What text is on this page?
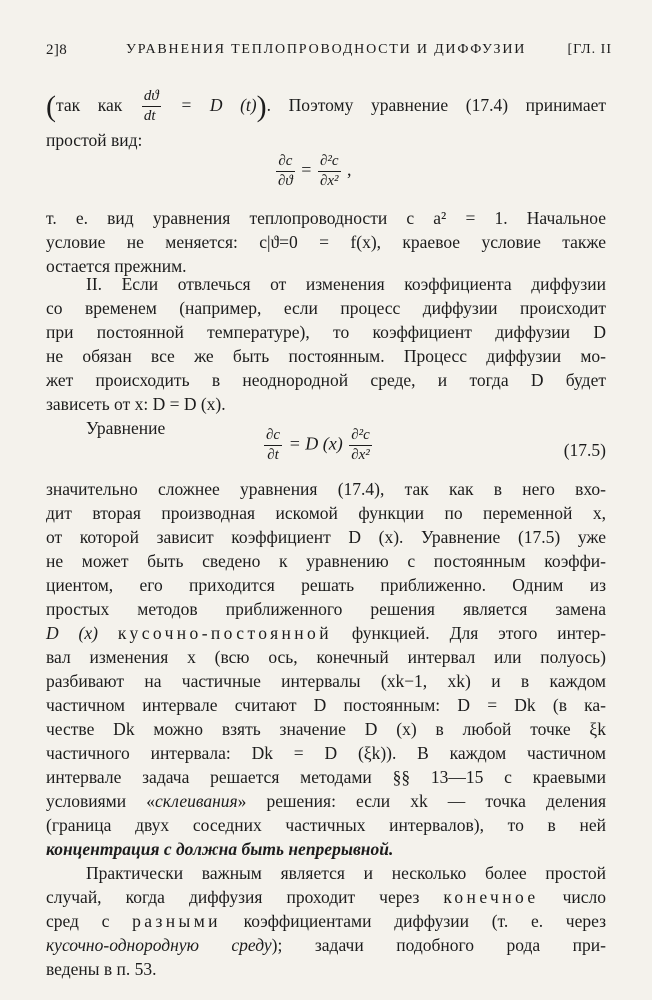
2]8	УРАВНЕНИЯ ТЕПЛОПРОВОДНОСТИ И ДИФФУЗИИ	[ГЛ. II
(так как $\frac{dϑ}{dt} = D$ (t)). Поэтому уравнение (17.4) принимает
простой вид:
$\frac{\partial c}{\partial ϑ} = \frac{\text{∂²c}}{\text{∂x²}}$ ,
т. е. вид уравнения теплопроводности с a² = 1. Начальное
условие не меняется: c|ϑ=0 = f(x), краевое условие также
остается прежним.
II. Если отвлечься от изменения коэффициента диффузии
со временем (например, если процесс диффузии происходит
при постоянной температуре), то коэффициент диффузии D
не обязан все же быть постоянным. Процесс диффузии мо-
жет происходить в неоднородной среде, и тогда D будет
зависеть от x: D = D (x).
Уравнение	$\frac{\partial c}{\partial t} = D$ $(x) \frac{\text{∂²c}}{\text{∂x²}}$	(17.5)
значительно сложнее уравнения (17.4), так как в него вхо-
дит вторая производная искомой функции по переменной x,
от которой зависит коэффициент D (x). Уравнение (17.5) уже
не может быть сведено к уравнению с постоянным коэффи-
циентом, его приходится решать приближенно. Одним из
простых методов приближенного решения является замена
D (x) кусочно-постоянной функцией. Для этого интер-
вал изменения x (всю ось, конечный интервал или полуось)
разбивают на частичные интервалы (xk−1, xk) и в каждом
частичном интервале считают D постоянным: D = Dk (в ка-
честве Dk можно взять значение D (x) в любой точке ξk
частичного интервала: Dk = D (ξk)). В каждом частичном
интервале задача решается методами §§ 13—15 с краевыми
условиями «склеивания» решения: если xk — точка деления
(граница двух соседних частичных интервалов), то в ней
концентрация c должна быть непрерывной.
Практически важным является и несколько более простой
случай, когда диффузия проходит через конечное число
сред с разными коэффициентами диффузии (т. е. через
кусочно-однородную среду); задачи подобного рода при-
ведены в п. 53.
